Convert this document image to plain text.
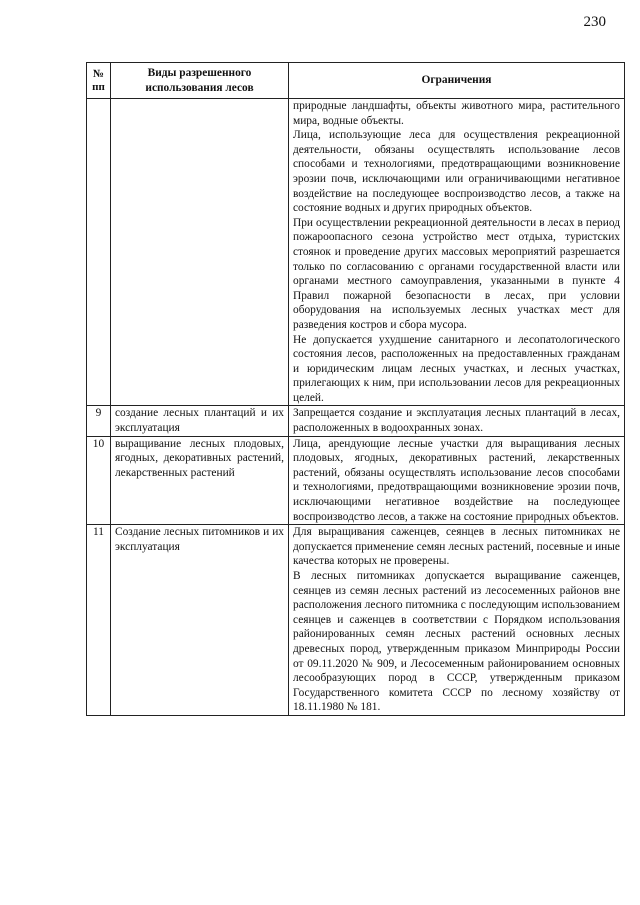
230
№ пп	Виды разрешенного использования лесов	Ограничения

		природные ландшафты, объекты животного мира, растительного мира, водные объекты.
Лица, использующие леса для осуществления рекреационной деятельности, обязаны осуществлять использование лесов способами и технологиями, предотвращающими возникновение эрозии почв, исключающими или ограничивающими негативное воздействие на последующее воспроизводство лесов, а также на состояние водных и других природных объектов.
При осуществлении рекреационной деятельности в лесах в период пожароопасного сезона устройство мест отдыха, туристских стоянок и проведение других массовых мероприятий разрешается только по согласованию с органами государственной власти или органами местного самоуправления, указанными в пункте 4 Правил пожарной безопасности в лесах, при условии оборудования на используемых лесных участках мест для разведения костров и сбора мусора.
Не допускается ухудшение санитарного и лесопатологического состояния лесов, расположенных на предоставленных гражданам и юридическим лицам лесных участках, и лесных участках, прилегающих к ним, при использовании лесов для рекреационных целей.

9	создание лесных плантаций и их эксплуатация	Запрещается создание и эксплуатация лесных плантаций в лесах, расположенных в водоохранных зонах.

10	выращивание лесных плодовых, ягодных, декоративных растений, лекарственных растений	Лица, арендующие лесные участки для выращивания лесных плодовых, ягодных, декоративных растений, лекарственных растений, обязаны осуществлять использование лесов способами и технологиями, предотвращающими возникновение эрозии почв, исключающими негативное воздействие на последующее воспроизводство лесов, а также на состояние природных объектов.

11	Создание лесных питомников и их эксплуатация	Для выращивания саженцев, сеянцев в лесных питомниках не допускается применение семян лесных растений, посевные и иные качества которых не проверены.
В лесных питомниках допускается выращивание саженцев, сеянцев из семян лесных растений из лесосеменных районов вне расположения лесного питомника с последующим использованием сеянцев и саженцев в соответствии с Порядком использования районированных семян лесных растений основных лесных древесных пород, утвержденным приказом Минприроды России от 09.11.2020 № 909, и Лесосеменным районированием основных лесообразующих пород в СССР, утвержденным приказом Государственного комитета СССР по лесному хозяйству от 18.11.1980 № 181.
